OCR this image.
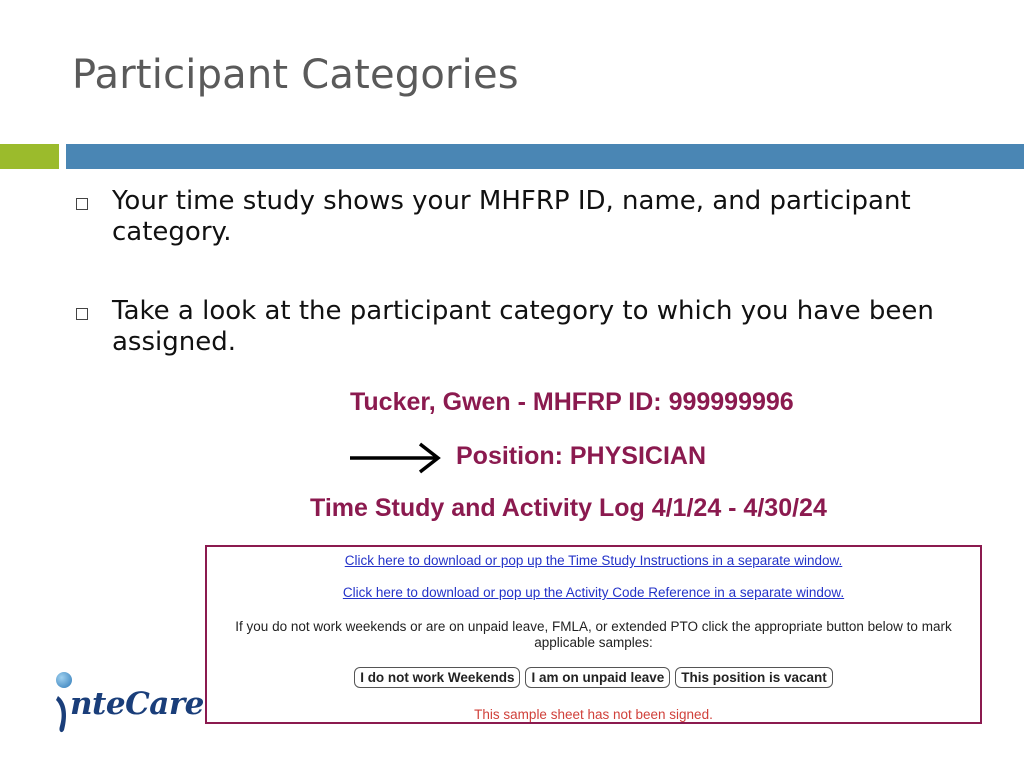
Participant Categories
Your time study shows your MHFRP ID, name, and participant category.
Take a look at the participant category to which you have been assigned.

Tucker, Gwen - MHFRP ID: 999999996

Position: PHYSICIAN

Time Study and Activity Log 4/1/24 - 4/30/24

Click here to download or pop up the Time Study Instructions in a separate window.
Click here to download or pop up the Activity Code Reference in a separate window.
If you do not work weekends or are on unpaid leave, FMLA, or extended PTO click the appropriate button below to mark applicable samples:
I do not work Weekends	I am on unpaid leave	This position is vacant
This sample sheet has not been signed.

nteCare
